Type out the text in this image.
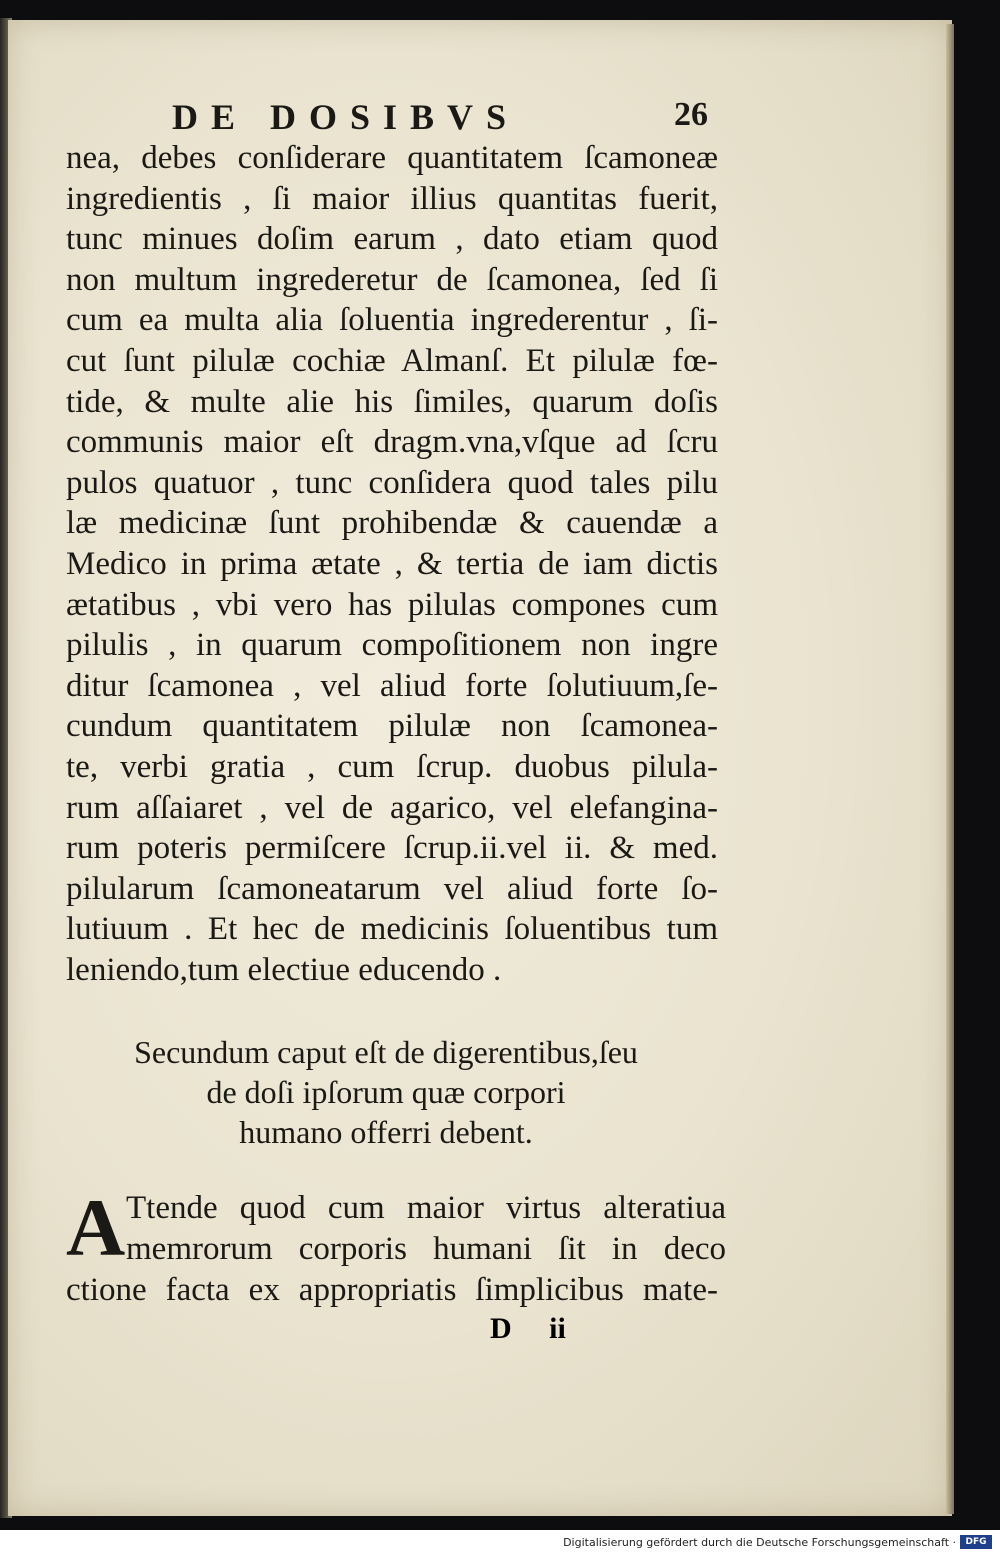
DE DOSIBVS	26
nea, debes conſiderare quantitatem ſcamoneæ
ingredientis , ſi maior illius quantitas fuerit,
tunc minues doſim earum , dato etiam quod
non multum ingrederetur de ſcamonea, ſed ſi
cum ea multa alia ſoluentia ingrederentur , ſi-
cut ſunt pilulæ cochiæ Almanſ. Et pilulæ fœ-
tide, & multe alie his ſimiles, quarum doſis
communis maior eſt dragm.vna,vſque ad ſcru
pulos quatuor , tunc conſidera quod tales pilu
læ medicinæ ſunt prohibendæ & cauendæ a
Medico in prima ætate , & tertia de iam dictis
ætatibus , vbi vero has pilulas compones cum
pilulis , in quarum compoſitionem non ingre
ditur ſcamonea , vel aliud forte ſolutiuum,ſe-
cundum quantitatem pilulæ non ſcamonea-
te, verbi gratia , cum ſcrup. duobus pilula-
rum aſſaiaret , vel de agarico, vel elefangina-
rum poteris permiſcere ſcrup.ii.vel ii. & med.
pilularum ſcamoneatarum vel aliud forte ſo-
lutiuum . Et hec de medicinis ſoluentibus tum
leniendo,tum electiue educendo .
Secundum caput eſt de digerentibus,ſeu
de doſi ipſorum quæ corpori
humano offerri debent.
A Ttende quod cum maior virtus alteratiua
memrorum corporis humani ſit in deco
ctione facta ex appropriatis ſimplicibus mate-
D ii
Digitalisierung gefördert durch die Deutsche Forschungsgemeinschaft ·	DFG
